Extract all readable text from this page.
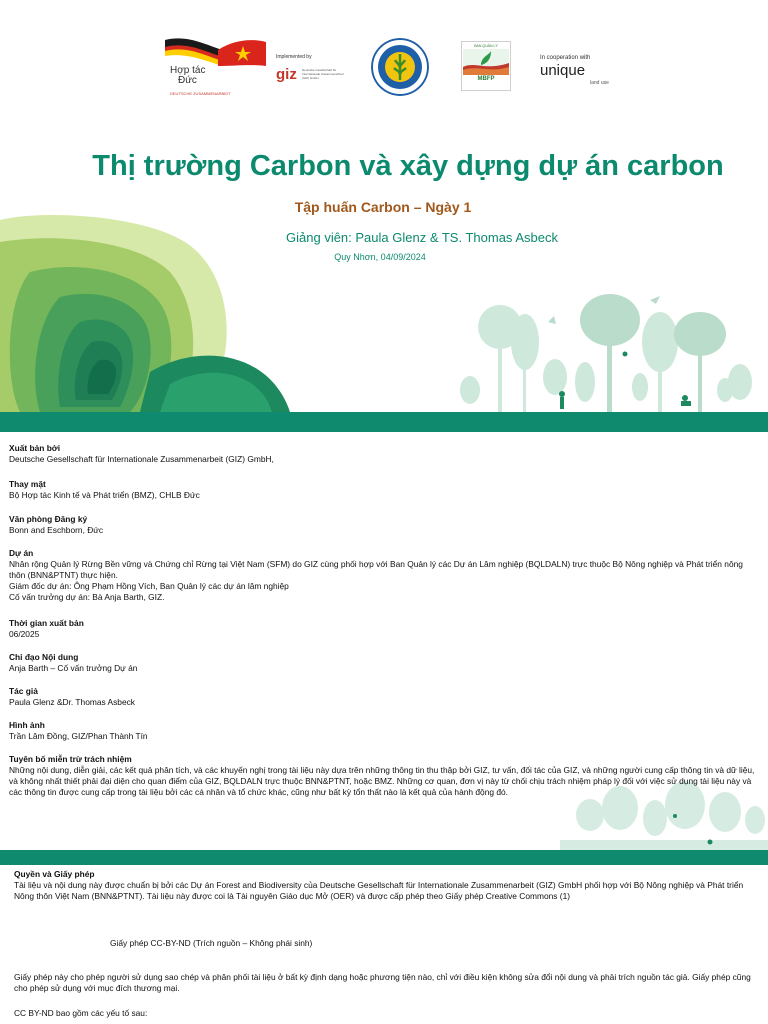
Hợp tác
Đức
DEUTSCHE ZUSAMMENARBEIT
Implemented by
giz Deutsche Gesellschaft für Internationale Zusammenarbeit (GIZ) GmbH
BAN QUẢN LÝ
MBFP
In cooperation with
unique
land use
Thị trường Carbon và xây dựng dự án carbon
Tập huấn Carbon – Ngày 1
Giảng viên: Paula Glenz & TS. Thomas Asbeck
Quy Nhơn, 04/09/2024
Xuất bản bởi

Deutsche Gesellschaft für Internationale Zusammenarbeit (GIZ) GmbH,

Thay mặt

Bộ Hợp tác Kinh tế và Phát triển (BMZ), CHLB Đức

Văn phòng Đăng ký

Bonn and Eschborn, Đức

Dự án

Nhân rộng Quản lý Rừng Bền vững và Chứng chỉ Rừng tại Việt Nam (SFM) do GIZ cùng phối hợp với Ban Quản lý các Dự án Lâm nghiệp (BQLDALN) trực thuộc Bộ Nông nghiệp và Phát triển nông thôn (BNN&PTNT) thực hiện.

Giám đốc dự án: Ông Phạm Hồng Vích, Ban Quản lý các dự án lâm nghiệp

Cố vấn trưởng dự án: Bà Anja Barth, GIZ.

Thời gian xuất bản

06/2025

Chỉ đạo Nội dung

Anja Barth – Cố vấn trưởng Dự án

Tác giả

Paula Glenz &Dr. Thomas Asbeck

Hình ảnh

Trần Lâm Đồng, GIZ/Phan Thành Tín

Tuyên bố miễn trừ trách nhiệm

Những nội dung, diễn giải, các kết quả phân tích, và các khuyến nghị trong tài liệu này dựa trên những thông tin thu thập bởi GIZ, tư vấn, đối tác của GIZ, và những người cung cấp thông tin và dữ liệu, và không nhất thiết phải đại diện cho quan điểm của GIZ, BQLDALN trực thuộc BNN&PTNT, hoặc BMZ. Những cơ quan, đơn vị này từ chối chịu trách nhiệm pháp lý đối với việc sử dụng tài liệu này và các thông tin được cung cấp trong tài liệu bởi các cá nhân và tổ chức khác, cũng như bất kỳ tổn thất nào là kết quả của hành động đó.

Quyền và Giấy phép

Tài liệu và nội dung này được chuẩn bị bởi các Dự án Forest and Biodiversity của Deutsche Gesellschaft für Internationale Zusammenarbeit (GIZ) GmbH phối hợp với Bộ Nông nghiệp và Phát triển Nông thôn Việt Nam (BNN&PTNT). Tài liệu này được coi là Tài nguyên Giáo dục Mở (OER) và được cấp phép theo Giấy phép Creative Commons (1)

Giấy phép CC-BY-ND (Trích nguồn – Không phái sinh)
Giấy phép này cho phép người sử dụng sao chép và phân phối tài liệu ở bất kỳ định dạng hoặc phương tiện nào, chỉ với điều kiện không sửa đổi nội dung và phải trích nguồn tác giả. Giấy phép cũng cho phép sử dụng với mục đích thương mại.
CC BY-ND bao gồm các yếu tố sau:
